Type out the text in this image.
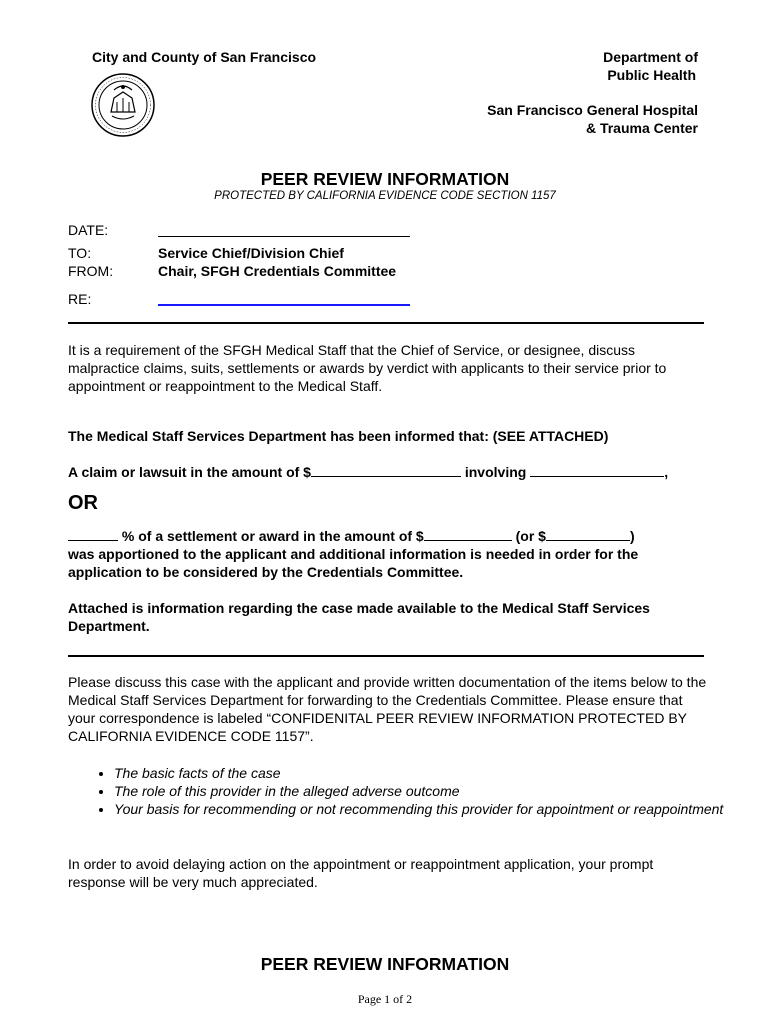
City and County of San Francisco	Department of
Public Health
San Francisco General Hospital
& Trauma Center
PEER REVIEW INFORMATION
PROTECTED BY CALIFORNIA EVIDENCE CODE SECTION 1157
DATE:
TO:	Service Chief/Division Chief
FROM:	Chair, SFGH Credentials Committee
RE:
It is a requirement of the SFGH Medical Staff that the Chief of Service, or designee, discuss malpractice claims, suits, settlements or awards by verdict with applicants to their service prior to appointment or reappointment to the Medical Staff.
The Medical Staff Services Department has been informed that: (SEE ATTACHED)
A claim or lawsuit in the amount of $	involving	,
OR
% of a settlement or award in the amount of $	(or $	)
was apportioned to the applicant and additional information is needed in order for the
application to be considered by the Credentials Committee.
Attached is information regarding the case made available to the Medical Staff Services Department.
Please discuss this case with the applicant and provide written documentation of the items below to the Medical Staff Services Department for forwarding to the Credentials Committee. Please ensure that your correspondence is labeled “CONFIDENITAL PEER REVIEW INFORMATION PROTECTED BY CALIFORNIA EVIDENCE CODE 1157”.
• The basic facts of the case
• The role of this provider in the alleged adverse outcome
• Your basis for recommending or not recommending this provider for appointment or reappointment
In order to avoid delaying action on the appointment or reappointment application, your prompt response will be very much appreciated.
PEER REVIEW INFORMATION
Page 1 of 2
